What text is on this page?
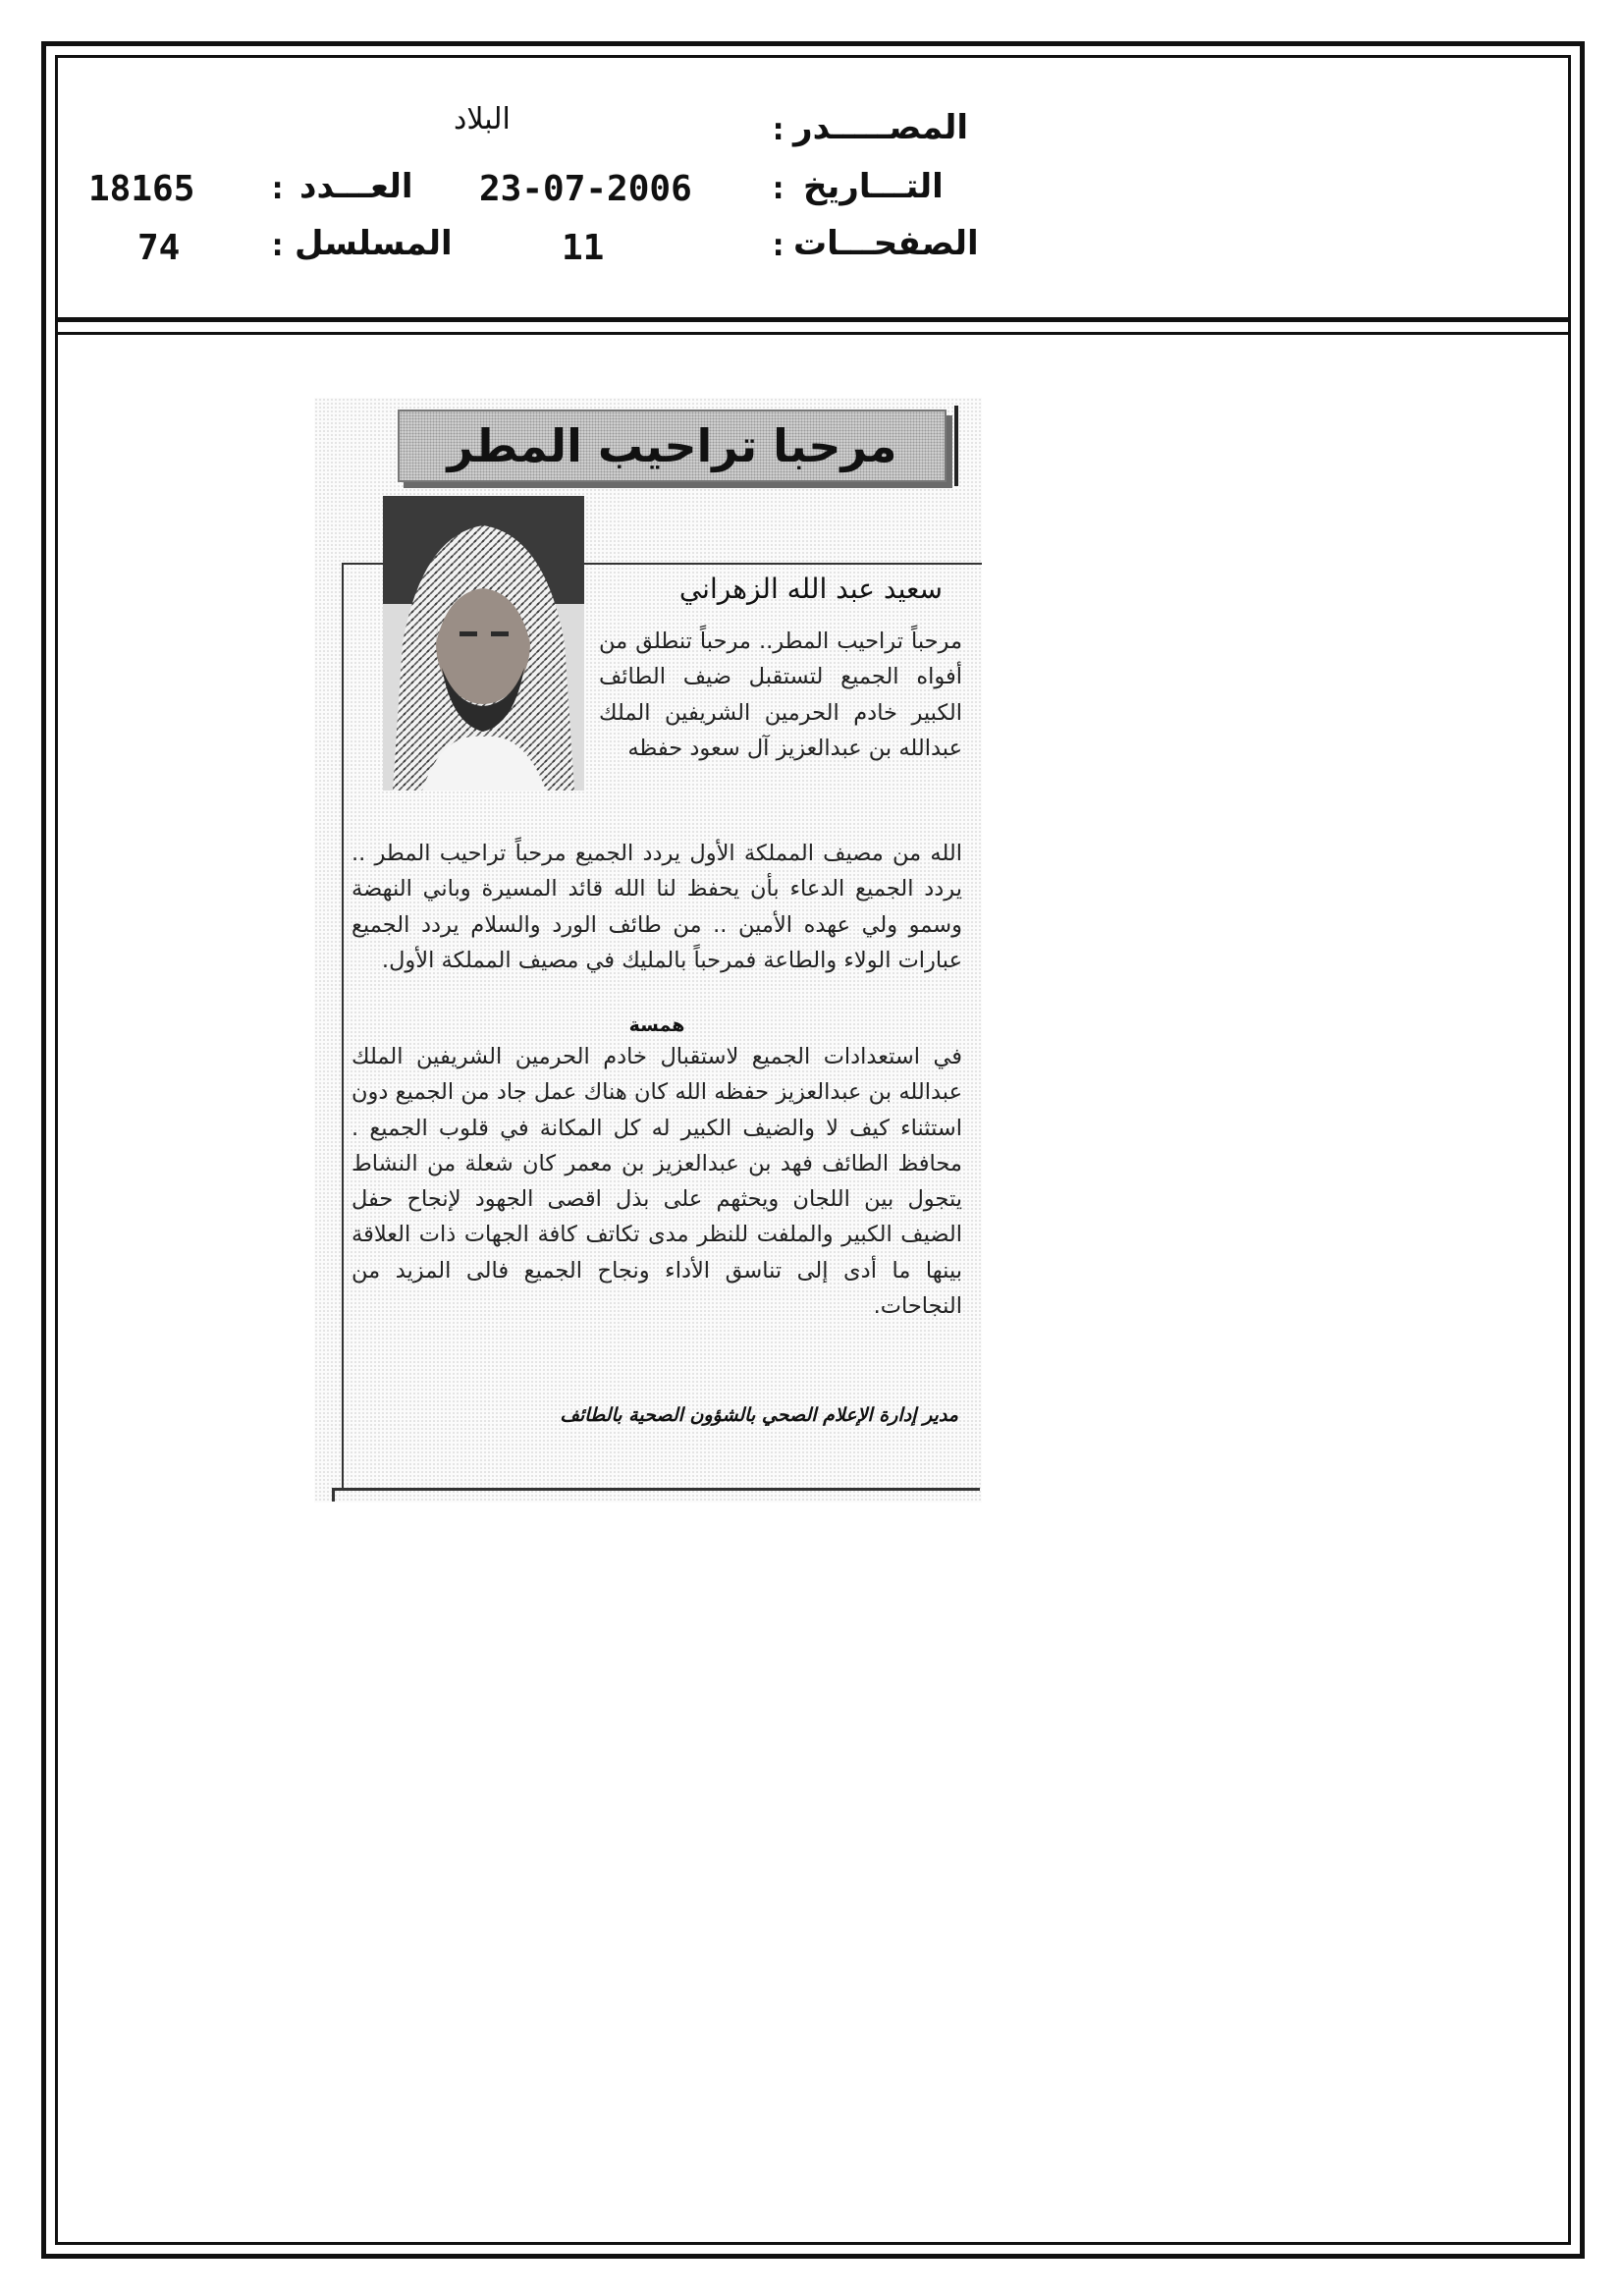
المصـــــدر
:
البلاد
التـــاريخ
:
23-07-2006
العـــدد
:
18165
الصفحـــات
:
11
المسلسل
:
74
مرحبا تراحيب المطر
سعيد عبد الله الزهراني
مرحباً تراحيب المطر.. مرحباً تنطلق من أفواه الجميع لتستقبل ضيف الطائف الكبير خادم الحرمين الشريفين الملك عبدالله بن عبدالعزيز آل سعود حفظه
الله من مصيف المملكة الأول يردد الجميع مرحباً تراحيب المطر .. يردد الجميع الدعاء بأن يحفظ لنا الله قائد المسيرة وباني النهضة وسمو ولي عهده الأمين .. من طائف الورد والسلام يردد الجميع عبارات الولاء والطاعة فمرحباً بالمليك في مصيف المملكة الأول.
همسة
في استعدادات الجميع لاستقبال خادم الحرمين الشريفين الملك عبدالله بن عبدالعزيز حفظه الله كان هناك عمل جاد من الجميع دون استثناء كيف لا والضيف الكبير له كل المكانة في قلوب الجميع . محافظ الطائف فهد بن عبدالعزيز بن معمر كان شعلة من النشاط يتجول بين اللجان ويحثهم على بذل اقصى الجهود لإنجاح حفل الضيف الكبير والملفت للنظر مدى تكاتف كافة الجهات ذات العلاقة بينها ما أدى إلى تناسق الأداء ونجاح الجميع فالى المزيد من النجاحات.
مدير إدارة الإعلام الصحي بالشؤون الصحية بالطائف
